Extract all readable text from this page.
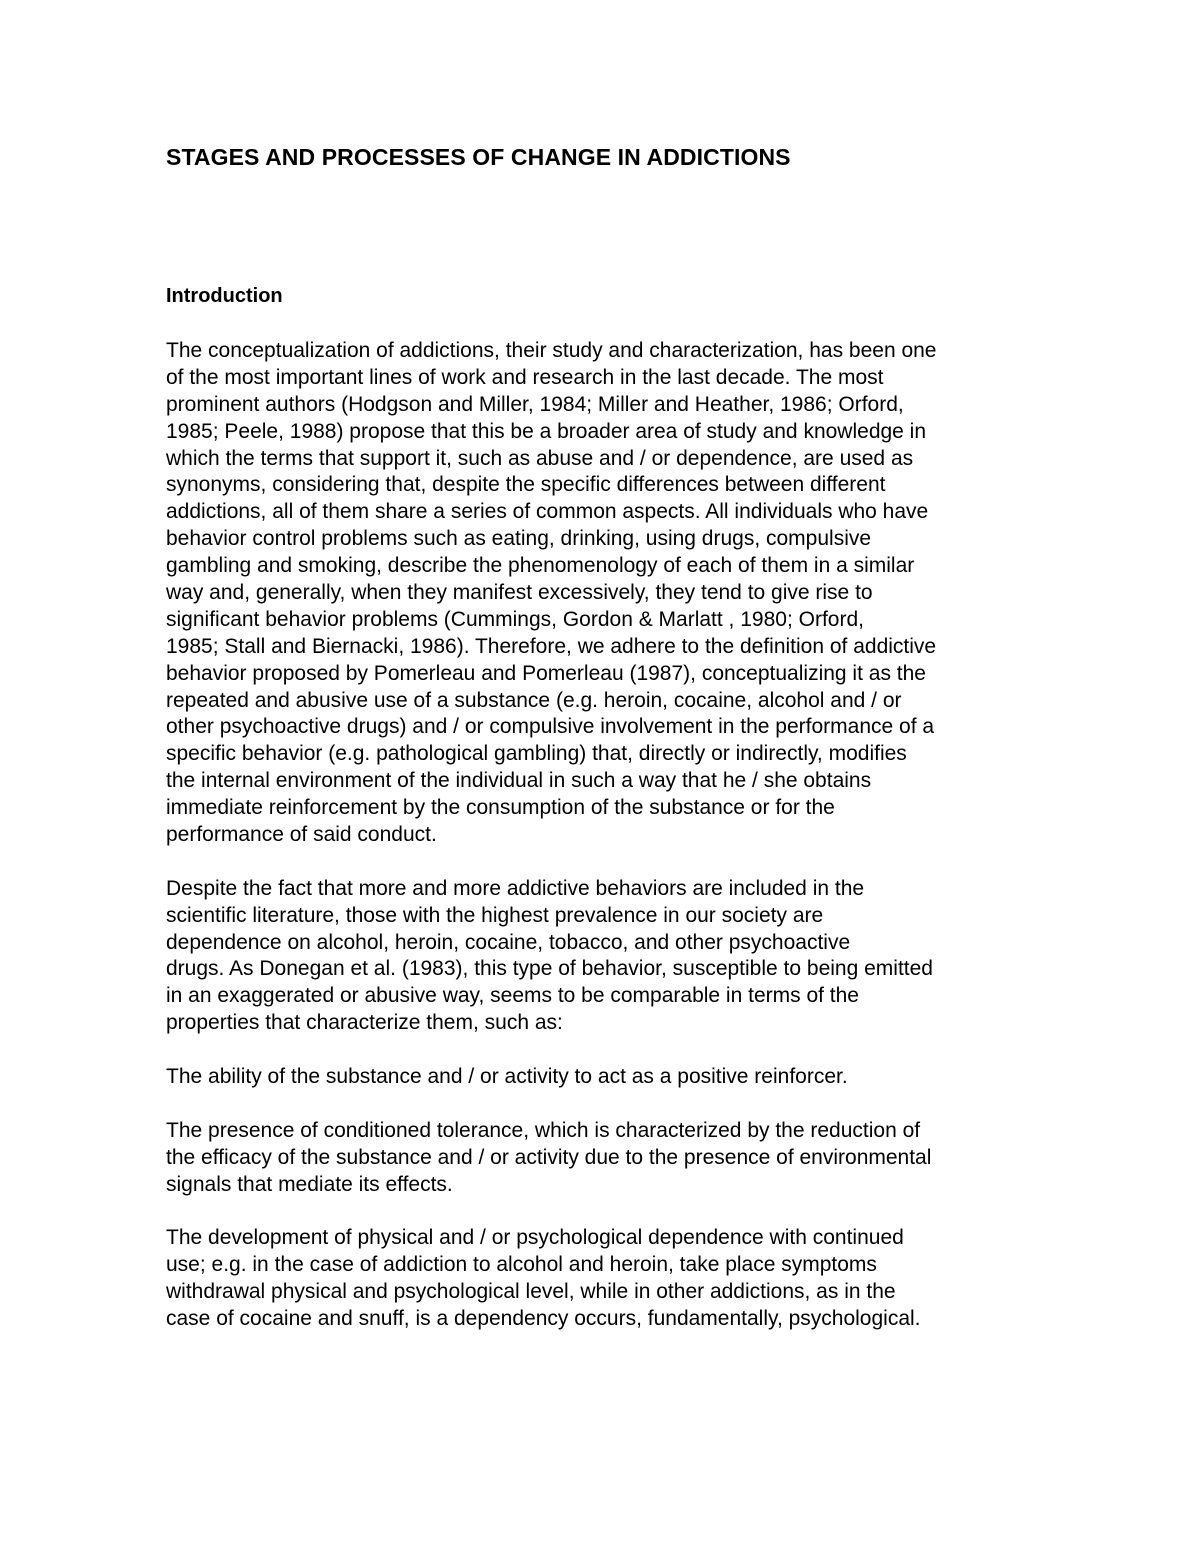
STAGES AND PROCESSES OF CHANGE IN ADDICTIONS
Introduction
The conceptualization of addictions, their study and characterization, has been one
of the most important lines of work and research in the last decade. The most
prominent authors (Hodgson and Miller, 1984; Miller and Heather, 1986; Orford,
1985; Peele, 1988) propose that this be a broader area of study and knowledge in
which the terms that support it, such as abuse and / or dependence, are used as
synonyms, considering that, despite the specific differences between different
addictions, all of them share a series of common aspects. All individuals who have
behavior control problems such as eating, drinking, using drugs, compulsive
gambling and smoking, describe the phenomenology of each of them in a similar
way and, generally, when they manifest excessively, they tend to give rise to
significant behavior problems (Cummings, Gordon & Marlatt , 1980; Orford,
1985; Stall and Biernacki, 1986). Therefore, we adhere to the definition of addictive
behavior proposed by Pomerleau and Pomerleau (1987), conceptualizing it as the
repeated and abusive use of a substance (e.g. heroin, cocaine, alcohol and / or
other psychoactive drugs) and / or compulsive involvement in the performance of a
specific behavior (e.g. pathological gambling) that, directly or indirectly, modifies
the internal environment of the individual in such a way that he / she obtains
immediate reinforcement by the consumption of the substance or for the
performance of said conduct.
Despite the fact that more and more addictive behaviors are included in the
scientific literature, those with the highest prevalence in our society are
dependence on alcohol, heroin, cocaine, tobacco, and other psychoactive
drugs. As Donegan et al. (1983), this type of behavior, susceptible to being emitted
in an exaggerated or abusive way, seems to be comparable in terms of the
properties that characterize them, such as:
The ability of the substance and / or activity to act as a positive reinforcer.
The presence of conditioned tolerance, which is characterized by the reduction of
the efficacy of the substance and / or activity due to the presence of environmental
signals that mediate its effects.
The development of physical and / or psychological dependence with continued
use; e.g. in the case of addiction to alcohol and heroin, take place symptoms
withdrawal physical and psychological level, while in other addictions, as in the
case of cocaine and snuff, is a dependency occurs, fundamentally, psychological.
